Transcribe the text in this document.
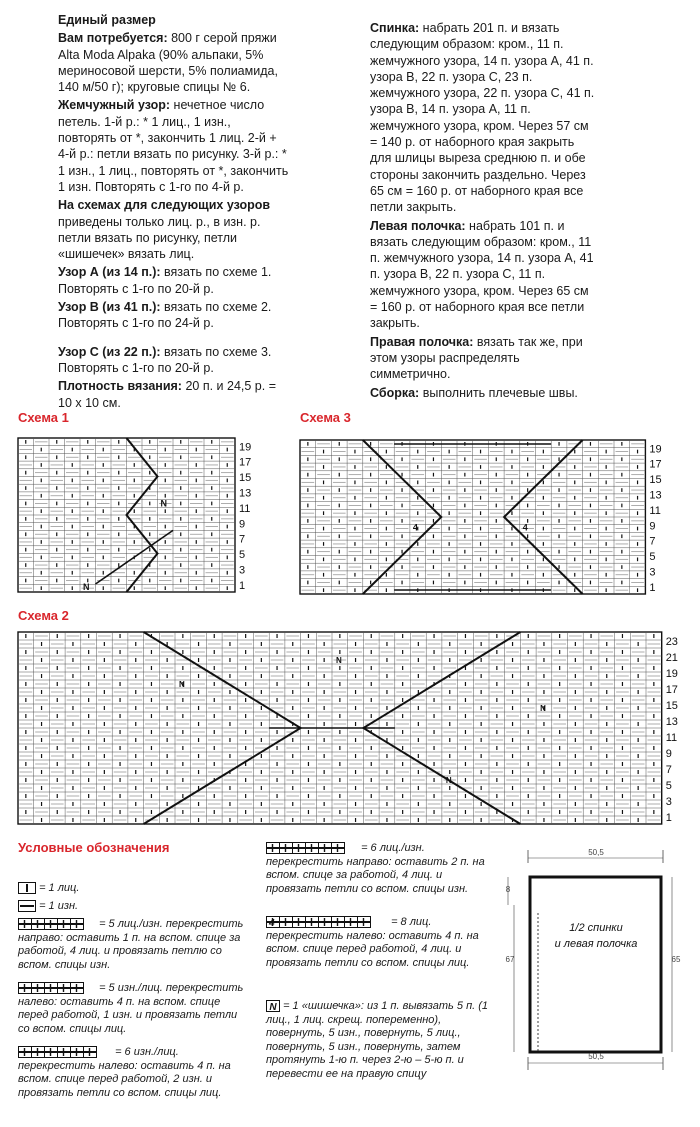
Единый размер

Вам потребуется: 800 г серой пряжи Alta Moda Alpaka (90% альпаки, 5% мериносовой шерсти, 5% полиамида, 140 м/50 г); круговые спицы № 6.

Жемчужный узор: нечетное число петель. 1-й р.: * 1 лиц., 1 изн., повторять от *, закончить 1 лиц. 2-й + 4-й р.: петли вязать по рисунку. 3-й р.: * 1 изн., 1 лиц., повторять от *, закончить 1 изн. Повторять с 1-го по 4-й р.

На схемах для следующих узоров приведены только лиц. р., в изн. р. петли вязать по рисунку, петли «шишечек» вязать лиц.

Узор А (из 14 п.): вязать по схеме 1. Повторять с 1-го по 20-й р.

Узор В (из 41 п.): вязать по схеме 2. Повторять с 1-го по 24-й р.

Узор С (из 22 п.): вязать по схеме 3. Повторять с 1-го по 20-й р.

Плотность вязания: 20 п. и 24,5 р. = 10 х 10 см.

Спинка: набрать 201 п. и вязать следующим образом: кром., 11 п. жемчужного узора, 14 п. узора А, 41 п. узора В, 22 п. узора С, 23 п. жемчужного узора, 22 п. узора С, 41 п. узора В, 14 п. узора А, 11 п. жемчужного узора, кром. Через 57 см = 140 р. от наборного края закрыть для шлицы выреза среднюю п. и обе стороны закончить раздельно. Через 65 см = 160 р. от наборного края все петли закрыть.

Левая полочка: набрать 101 п. и вязать следующим образом: кром., 11 п. жемчужного узора, 14 п. узора А, 41 п. узора В, 22 п. узора С, 11 п. жемчужного узора, кром. Через 65 см = 160 р. от наборного края все петли закрыть.

Правая полочка: вязать так же, при этом узоры распределять симметрично.

Сборка: выполнить плечевые швы.

Схема 1	Схема 3
Схема 2
19
17
15
13
11
9
7
5
3
1
N
N
19
17
15
13
11
9
7
5
3
1
4	4
23
21
19
17
15
13
11
9
7
5
3
1
N
N
N
N
Условные обозначения
= 1 лиц.
= 1 изн.
= 5 лиц./изн. перекрестить направо: оставить 1 п. на вспом. спице за работой, 4 лиц. и провязать петлю со вспом. спицы изн.
= 5 изн./лиц. перекрестить налево: оставить 4 п. на вспом. спице перед работой, 1 изн. и провязать петли со вспом. спицы лиц.
= 6 изн./лиц. перекрестить налево: оставить 4 п. на вспом. спице перед работой, 2 изн. и провязать петли со вспом. спицы лиц.
= 6 лиц./изн. перекрестить направо: оставить 2 п. на вспом. спице за работой, 4 лиц. и провязать петли со вспом. спицы изн.
4	= 8 лиц. перекрестить налево: оставить 4 п. на вспом. спице перед работой, 4 лиц. и провязать петли со вспом. спицы лиц.
N = 1 «шишечка»: из 1 п. вывязать 5 п. (1 лиц., 1 лиц. скрещ. попеременно), повернуть, 5 изн., повернуть, 5 лиц., повернуть, 5 изн., повернуть, затем протянуть 1-ю п. через 2-ю – 5-ю п. и перевести ее на правую спицу
50,5
8
67	65
1/2 спинки
и левая полочка
50,5
